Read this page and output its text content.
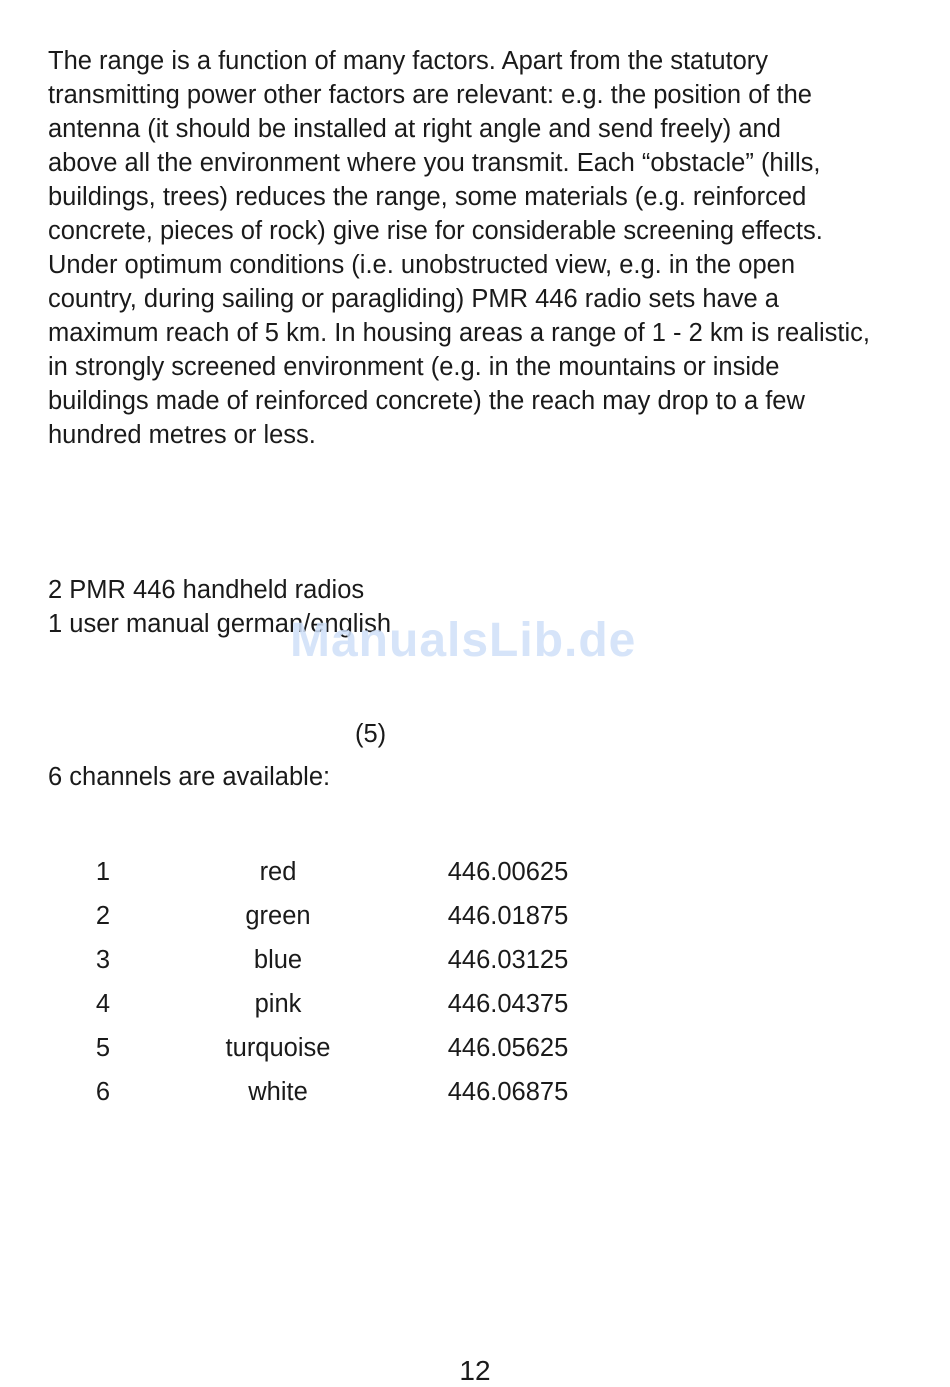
The range is a function of many factors. Apart from the statutory
transmitting power other factors are relevant: e.g. the position of the
antenna (it should be installed at right angle and send freely) and
above all the environment where you transmit. Each “obstacle” (hills,
buildings, trees) reduces the range, some materials (e.g. reinforced
concrete, pieces of rock) give rise for considerable screening effects.
Under optimum conditions (i.e. unobstructed view, e.g. in the open
country, during sailing or paragliding) PMR 446 radio sets have a
maximum reach of 5 km. In housing areas a range of 1 - 2 km is realistic,
in strongly screened environment (e.g. in the mountains or inside
buildings made of reinforced concrete) the reach may drop to a few
hundred metres or less.
2 PMR 446 handheld radios
1 user manual german/english
ManualsLib.de
(5)
6 channels are available:
1	red	446.00625
2	green	446.01875
3	blue	446.03125
4	pink	446.04375
5	turquoise	446.05625
6	white	446.06875
12
